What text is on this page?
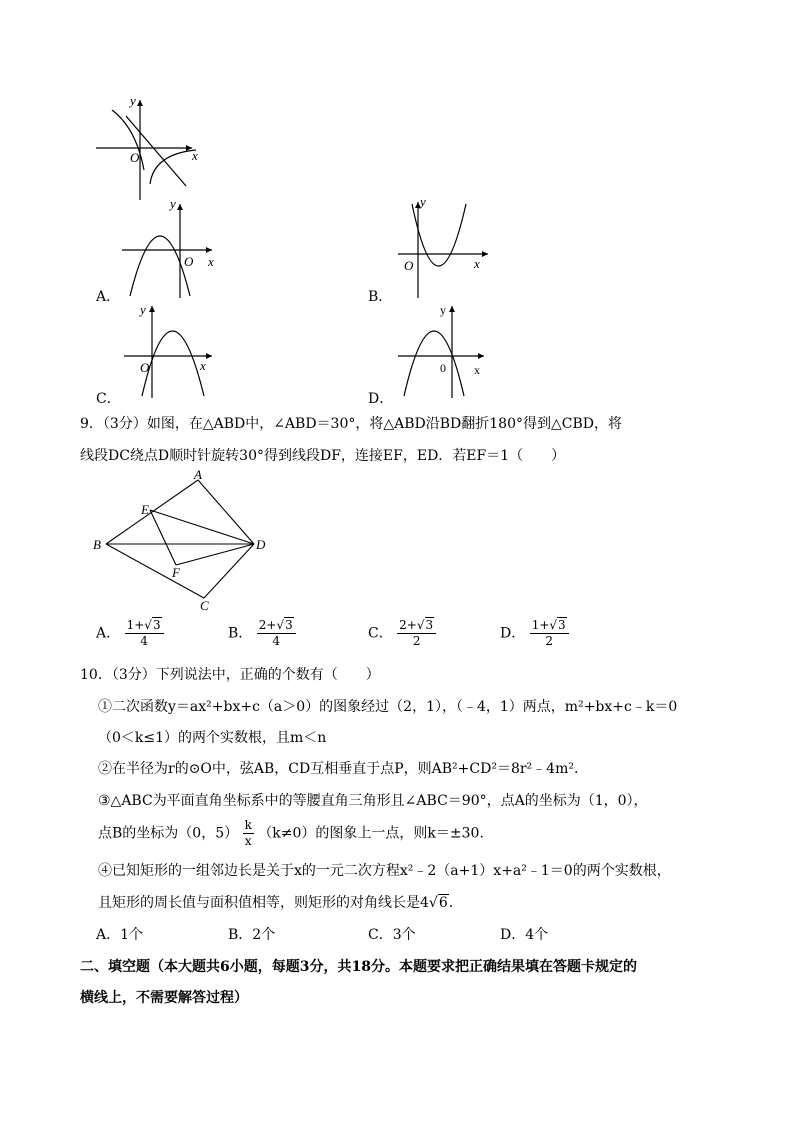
y
O	x
A．
y
O x
B．
y
O	x
C．
y
O	x
D．
y
0 x
9．（3分）如图，在△ABD中，∠ABD＝30°，将△ABD沿BD翻折180°得到△CBD，将
线段DC绕点D顺时针旋转30°得到线段DF，连接EF，ED．若EF＝1（　　）
A
E
B	D
F
C
A． $\frac{1+√3}{4}$	B． $\frac{2+√3}{4}$	C． $\frac{2+√3}{2}$	D． $\frac{1+√3}{2}$
10．（3分）下列说法中，正确的个数有（　　）
①二次函数y＝ax²+bx+c（a＞0）的图象经过（2，1），（﹣4，1）两点，m²+bx+c﹣k＝0
（0＜k≤1）的两个实数根，且m＜n
②在半径为r的⊙O中，弦AB，CD互相垂直于点P，则AB²+CD²＝8r²﹣4m².
③△ABC为平面直角坐标系中的等腰直角三角形且∠ABC＝90°，点A的坐标为（1，0），
点B的坐标为（0，$5) \frac{k}{x} (k\ne 0)$的图象上一点，则k＝±30.
④已知矩形的一组邻边长是关于x的一元二次方程x²﹣2（a+1）x+a²﹣1＝0的两个实数根，
且矩形的周长值与面积值相等，则矩形的对角线长是4√6.
A．1个	B．2个	C．3个	D．4个
二、填空题（本大题共6小题，每题3分，共18分。本题要求把正确结果填在答题卡规定的
横线上，不需要解答过程）
